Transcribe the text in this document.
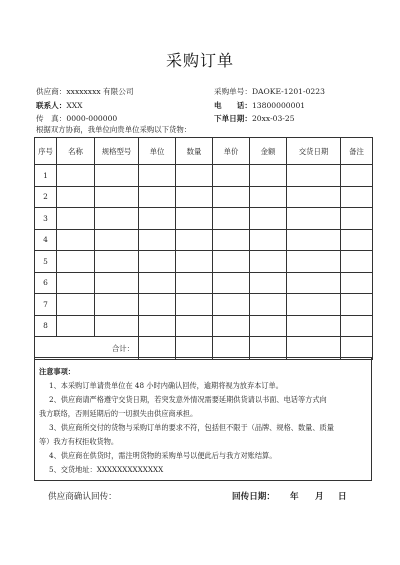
采购订单
供应商：xxxxxxxx 有限公司	采购单号：DAOKE-1201-0223
联系人：XXX	电　　话：13800000001
传　真：0000-000000	下单日期：20xx-03-25
根据双方协商，我单位向贵单位采购以下货物：
序号	名称	规格型号	单位	数量	单价	金额	交货日期	备注
1								
2								
3								
4								
5								
6								
7								
8								
合计：								
注意事项：
1、本采购订单请贵单位在 48 小时内确认回传，逾期将视为放弃本订单。
2、供应商请严格遵守交货日期，若突发意外情况需要延期供货请以书面、电话等方式向
我方联络，否则延期后的一切损失由供应商承担。
3、供应商所交付的货物与采购订单的要求不符，包括但不限于（品牌、规格、数量、质量
等）我方有权拒收货物。
4、供应商在供货时，需注明货物的采购单号以便此后与我方对账结算。
5、交货地址：XXXXXXXXXXXXX
供应商确认回传：	回传日期： 年 月 日
